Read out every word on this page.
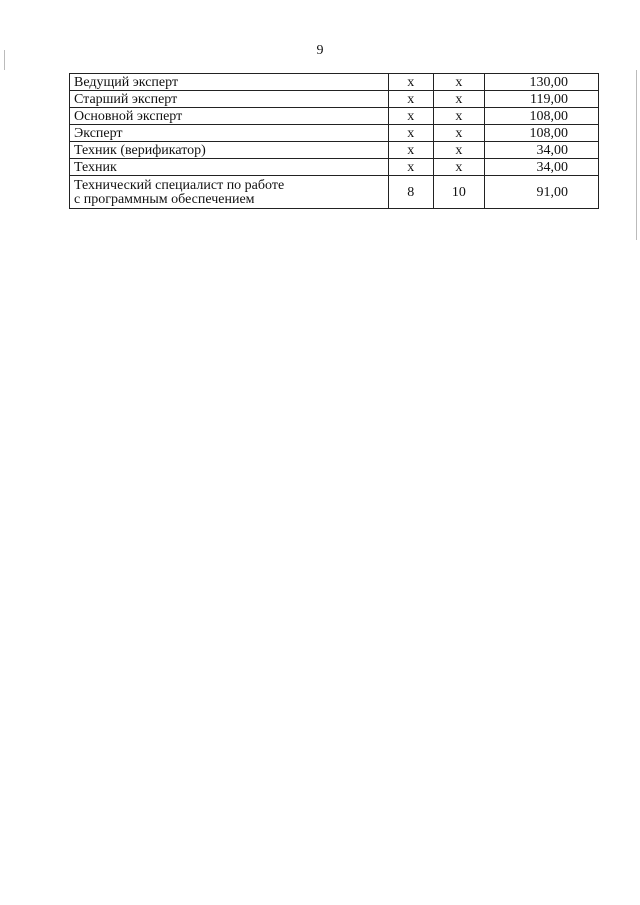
9
Ведущий эксперт	х	х	130,00
Старший эксперт	х	х	119,00
Основной эксперт	х	х	108,00
Эксперт	х	х	108,00
Техник (верификатор)	х	х	34,00
Техник	х	х	34,00
Технический специалист по работе
с программным обеспечением	8	10	91,00
